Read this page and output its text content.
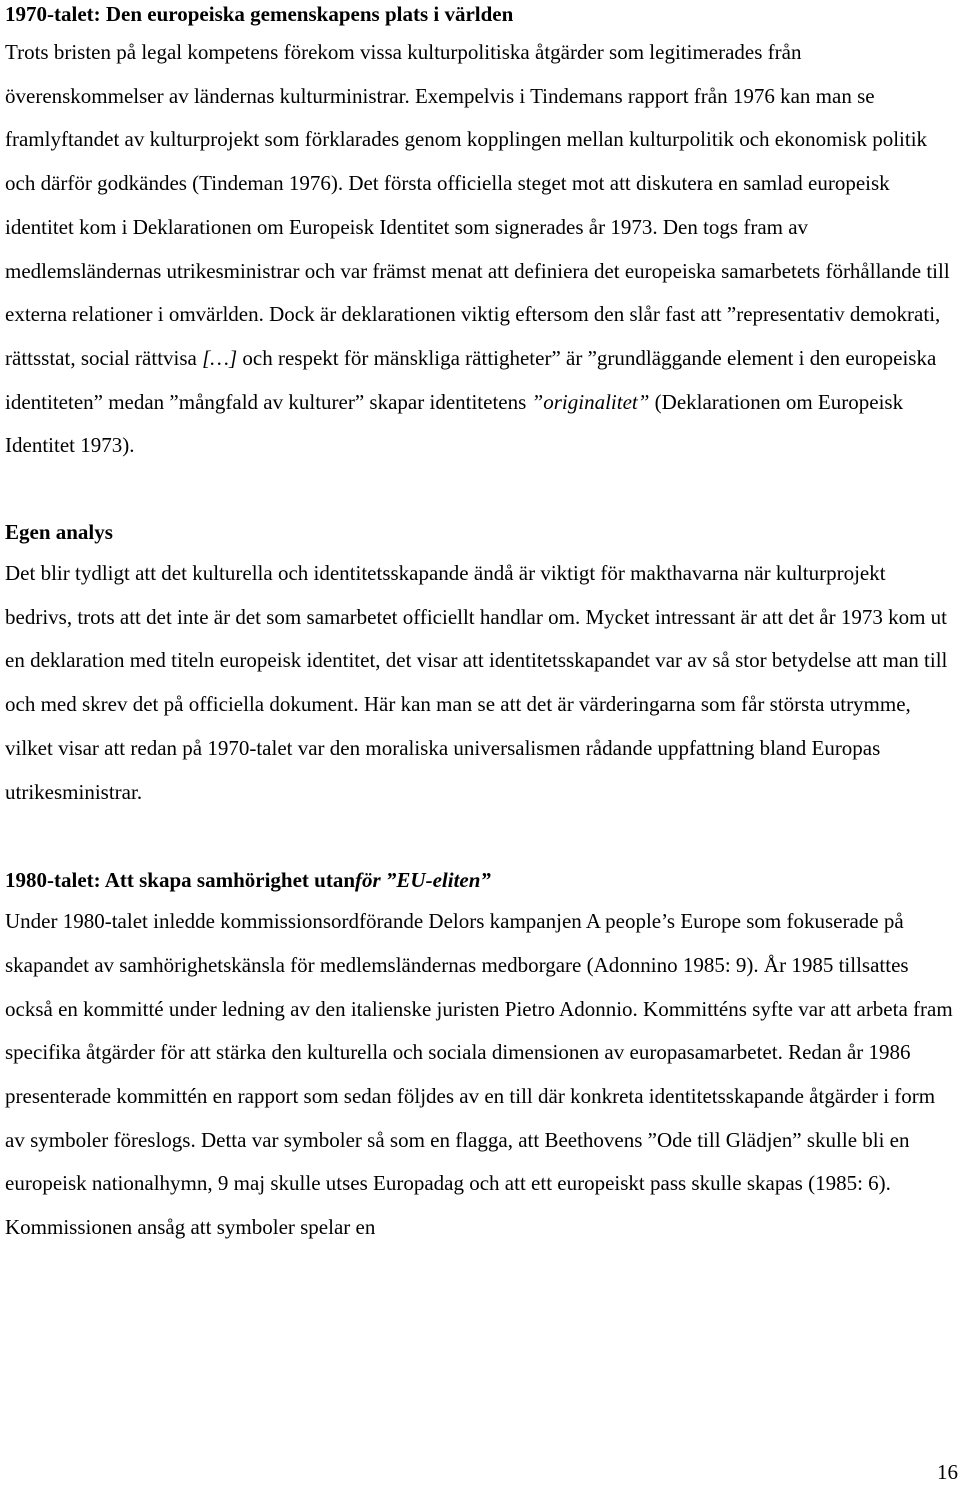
1970-talet: Den europeiska gemenskapens plats i världen

Trots bristen på legal kompetens förekom vissa kulturpolitiska åtgärder som legitimerades från överenskommelser av ländernas kulturministrar. Exempelvis i Tindemans rapport från 1976 kan man se framlyftandet av kulturprojekt som förklarades genom kopplingen mellan kulturpolitik och ekonomisk politik och därför godkändes (Tindeman 1976). Det första officiella steget mot att diskutera en samlad europeisk identitet kom i Deklarationen om Europeisk Identitet som signerades år 1973. Den togs fram av medlemsländernas utrikesministrar och var främst menat att definiera det europeiska samarbetets förhållande till externa relationer i omvärlden. Dock är deklarationen viktig eftersom den slår fast att ”representativ demokrati, rättsstat, social rättvisa […] och respekt för mänskliga rättigheter” är ”grundläggande element i den europeiska identiteten” medan ”mångfald av kulturer” skapar identitetens ”originalitet” (Deklarationen om Europeisk Identitet 1973).

Egen analys

Det blir tydligt att det kulturella och identitetsskapande ändå är viktigt för makthavarna när kulturprojekt bedrivs, trots att det inte är det som samarbetet officiellt handlar om. Mycket intressant är att det år 1973 kom ut en deklaration med titeln europeisk identitet, det visar att identitetsskapandet var av så stor betydelse att man till och med skrev det på officiella dokument. Här kan man se att det är värderingarna som får största utrymme, vilket visar att redan på 1970-talet var den moraliska universalismen rådande uppfattning bland Europas utrikesministrar.

1980-talet: Att skapa samhörighet utanför ”EU-eliten”

Under 1980-talet inledde kommissionsordförande Delors kampanjen A people’s Europe som fokuserade på skapandet av samhörighetskänsla för medlemsländernas medborgare (Adonnino 1985: 9). År 1985 tillsattes också en kommitté under ledning av den italienske juristen Pietro Adonnio. Kommitténs syfte var att arbeta fram specifika åtgärder för att stärka den kulturella och sociala dimensionen av europasamarbetet. Redan år 1986 presenterade kommittén en rapport som sedan följdes av en till där konkreta identitetsskapande åtgärder i form av symboler föreslogs. Detta var symboler så som en flagga, att Beethovens ”Ode till Glädjen” skulle bli en europeisk nationalhymn, 9 maj skulle utses Europadag och att ett europeiskt pass skulle skapas (1985: 6). Kommissionen ansåg att symboler spelar en

16
